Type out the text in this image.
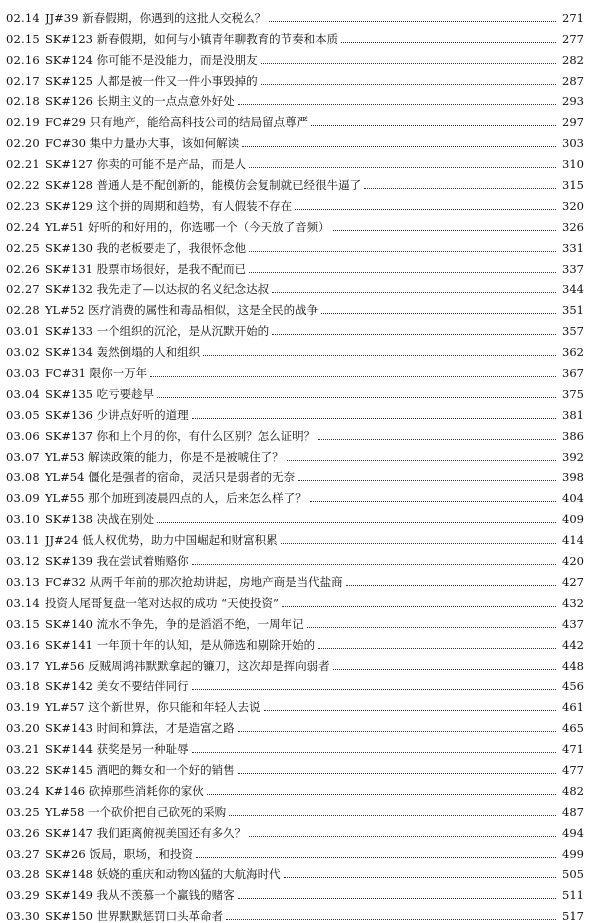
02.14 JJ#39 新春假期，你遇到的这批人交税么？	271
02.15 SK#123 新春假期，如何与小镇青年聊教育的节奏和本质	277
02.16 SK#124 你可能不是没能力，而是没朋友	282
02.17 SK#125 人都是被一件又一件小事毁掉的	287
02.18 SK#126 长期主义的一点点意外好处	293
02.19 FC#29 只有地产，能给高科技公司的结局留点尊严	297
02.20 FC#30 集中力量办大事，该如何解读	303
02.21 SK#127 你卖的可能不是产品，而是人	310
02.22 SK#128 普通人是不配创新的，能模仿会复制就已经很牛逼了	315
02.23 SK#129 这个拼的周期和趋势，有人假装不存在	320
02.24 YL#51 好听的和好用的，你选哪一个（今天放了音频）	326
02.25 SK#130 我的老板要走了，我很怀念他	331
02.26 SK#131 股票市场很好，是我不配而已	337
02.27 SK#132 我先走了—以达叔的名义纪念达叔	344
02.28 YL#52 医疗消费的属性和毒品相似，这是全民的战争	351
03.01 SK#133 一个组织的沉沦，是从沉默开始的	357
03.02 SK#134 轰然倒塌的人和组织	362
03.03 FC#31 限你一万年	367
03.04 SK#135 吃亏要趁早	375
03.05 SK#136 少讲点好听的道理	381
03.06 SK#137 你和上个月的你，有什么区别？怎么证明？	386
03.07 YL#53 解读政策的能力，你是不是被唬住了？	392
03.08 YL#54 僵化是强者的宿命，灵活只是弱者的无奈	398
03.09 YL#55 那个加班到凌晨四点的人，后来怎么样了？	404
03.10 SK#138 决战在别处	409
03.11 JJ#24 低人权优势，助力中国崛起和财富积累	414
03.12 SK#139 我在尝试着贿赂你	420
03.13 FC#32 从两千年前的那次抢劫讲起，房地产商是当代盐商	427
03.14 投资人尾哥复盘一笔对达叔的成功 “天使投资”	432
03.15 SK#140 流水不争先，争的是滔滔不绝，一周年记	437
03.16 SK#141 一年顶十年的认知，是从筛选和剔除开始的	442
03.17 YL#56 反贼周鸿祎默默拿起的镰刀，这次却是挥向弱者	448
03.18 SK#142 美女不要结伴同行	456
03.19 YL#57 这个新世界，你只能和年轻人去说	461
03.20 SK#143 时间和算法，才是造富之路	465
03.21 SK#144 获奖是另一种耻辱	471
03.22 SK#145 酒吧的舞女和一个好的销售	477
03.24 K#146 砍掉那些消耗你的家伙	482
03.25 YL#58 一个砍价把自己砍死的采购	487
03.26 SK#147 我们距离俯视美国还有多久？	494
03.27 SK#26 饭局，职场，和投资	499
03.28 SK#148 妖娆的重庆和动物凶猛的大航海时代	505
03.29 SK#149 我从不羡慕一个赢钱的赌客	511
03.30 SK#150 世界默默惩罚口头革命者	517
